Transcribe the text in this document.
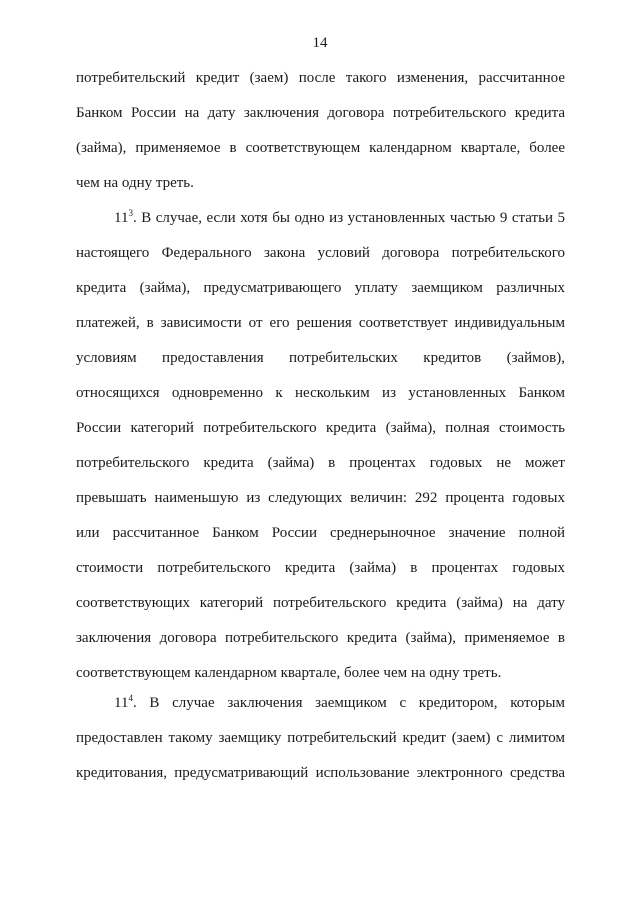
14
потребительский кредит (заем) после такого изменения, рассчитанное
Банком России на дату заключения договора потребительского кредита
(займа), применяемое в соответствующем календарном квартале, более
чем на одну треть.
$11^3$. В случае, если хотя бы одно из установленных частью 9 статьи 5
настоящего Федерального закона условий договора потребительского
кредита (займа), предусматривающего уплату заемщиком различных
платежей, в зависимости от его решения соответствует индивидуальным
условиям предоставления потребительских кредитов (займов),
относящихся одновременно к нескольким из установленных Банком
России категорий потребительского кредита (займа), полная стоимость
потребительского кредита (займа) в процентах годовых не может
превышать наименьшую из следующих величин: 292 процента годовых
или рассчитанное Банком России среднерыночное значение полной
стоимости потребительского кредита (займа) в процентах годовых
соответствующих категорий потребительского кредита (займа) на дату
заключения договора потребительского кредита (займа), применяемое в
соответствующем календарном квартале, более чем на одну треть.
$11^4$. В случае заключения заемщиком с кредитором, которым
предоставлен такому заемщику потребительский кредит (заем) с лимитом
кредитования, предусматривающий использование электронного средства
